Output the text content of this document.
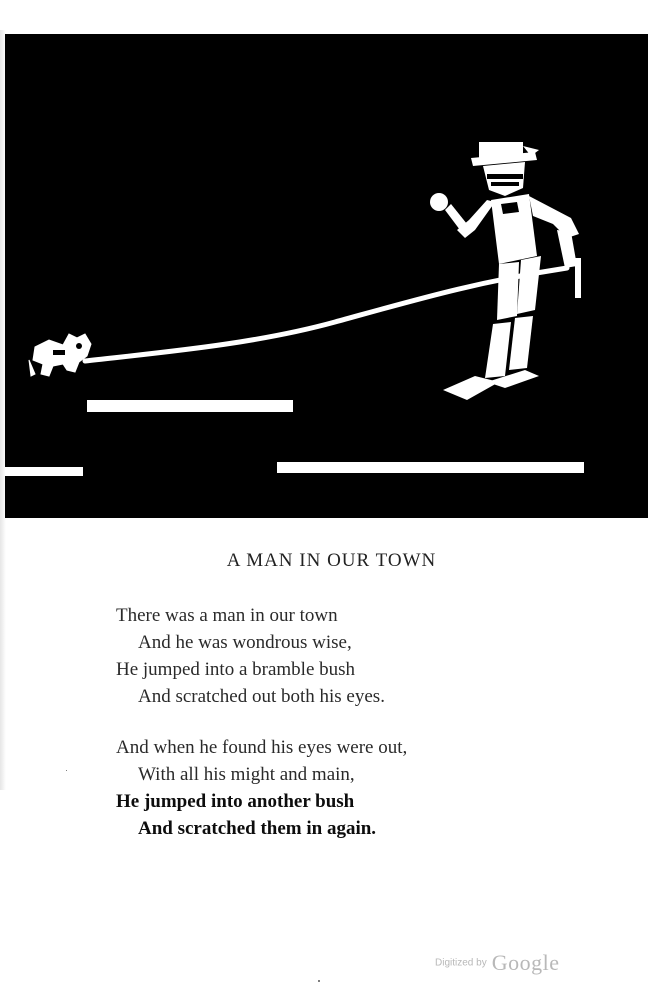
A MAN IN OUR TOWN
There was a man in our town
And he was wondrous wise,
He jumped into a bramble bush
And scratched out both his eyes.
And when he found his eyes were out,
With all his might and main,
He jumped into another bush
And scratched them in again.
Digitized by Google
